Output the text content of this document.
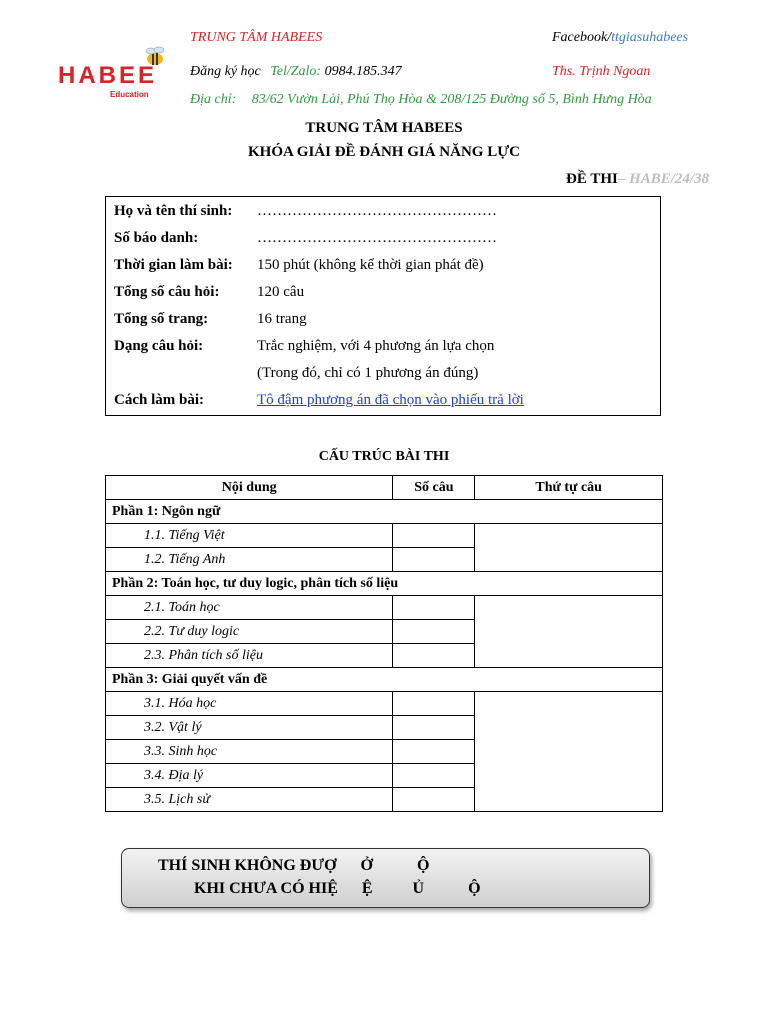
HABEE
Education
TRUNG TÂM HABEES	Facebook/ttgiasuhabees
Đăng ký học Tel/Zalo: 0984.185.347	Ths. Trịnh Ngoan
Địa chỉ: 83/62 Vườn Lài, Phú Thọ Hòa & 208/125 Đường số 5, Bình Hưng Hòa
TRUNG TÂM HABEES
KHÓA GIẢI ĐỀ ĐÁNH GIÁ NĂNG LỰC
ĐỀ THI– HABE/24/38
Họ và tên thí sinh: …………………………………………
Số báo danh:	…………………………………………
Thời gian làm bài: 150 phút (không kể thời gian phát đề)
Tổng số câu hỏi:	120 câu
Tổng số trang:	16 trang
Dạng câu hỏi:	Trắc nghiệm, với 4 phương án lựa chọn
(Trong đó, chỉ có 1 phương án đúng)
Cách làm bài:	Tô đậm phương án đã chọn vào phiếu trả lời
CẤU TRÚC BÀI THI
Nội dung	Số câu	Thứ tự câu
Phần 1: Ngôn ngữ		
1.1. Tiếng Việt		
1.2. Tiếng Anh		
Phần 2: Toán học, tư duy logic, phân tích số liệu		
2.1. Toán học		
2.2. Tư duy logic		
2.3. Phân tích số liệu		
Phần 3: Giải quyết vấn đề		
3.1. Hóa học		
3.2. Vật lý		
3.3. Sinh học		
3.4. Địa lý		
3.5. Lịch sử		
THÍ SINH KHÔNG ĐƯỢ      Ở           Ộ
KHI CHƯA CÓ HIỆ      Ệ          Ủ           Ộ
